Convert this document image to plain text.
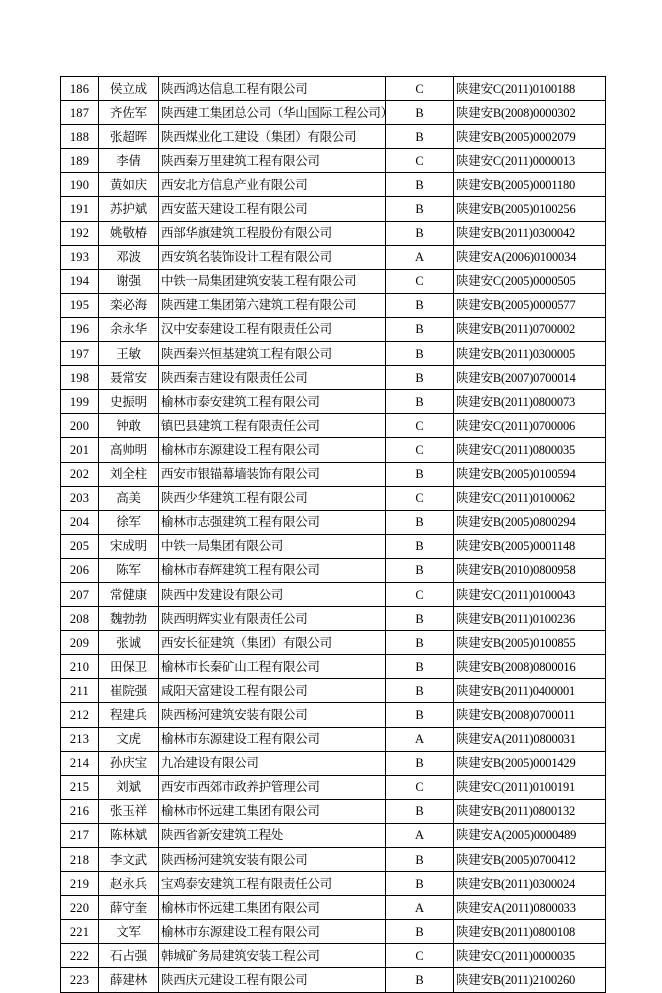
186	侯立成	陕西鸿达信息工程有限公司	C	陕建安C(2011)0100188
187	齐佐军	陕西建工集团总公司（华山国际工程公司）	B	陕建安B(2008)0000302
188	张超晖	陕西煤业化工建设（集团）有限公司	B	陕建安B(2005)0002079
189	李倩	陕西秦万里建筑工程有限公司	C	陕建安C(2011)0000013
190	黄如庆	西安北方信息产业有限公司	B	陕建安B(2005)0001180
191	苏护斌	西安蓝天建设工程有限公司	B	陕建安B(2005)0100256
192	姚敬椿	西部华旗建筑工程股份有限公司	B	陕建安B(2011)0300042
193	邓波	西安筑名装饰设计工程有限公司	A	陕建安A(2006)0100034
194	谢强	中铁一局集团建筑安装工程有限公司	C	陕建安C(2005)0000505
195	栾必海	陕西建工集团第六建筑工程有限公司	B	陕建安B(2005)0000577
196	余永华	汉中安泰建设工程有限责任公司	B	陕建安B(2011)0700002
197	王敏	陕西秦兴恒基建筑工程有限公司	B	陕建安B(2011)0300005
198	聂常安	陕西秦吉建设有限责任公司	B	陕建安B(2007)0700014
199	史振明	榆林市泰安建筑工程有限公司	B	陕建安B(2011)0800073
200	钟敢	镇巴县建筑工程有限责任公司	C	陕建安C(2011)0700006
201	高帅明	榆林市东源建设工程有限公司	C	陕建安C(2011)0800035
202	刘全柱	西安市银锚幕墙装饰有限公司	B	陕建安B(2005)0100594
203	高美	陕西少华建筑工程有限公司	C	陕建安C(2011)0100062
204	徐军	榆林市志强建筑工程有限公司	B	陕建安B(2005)0800294
205	宋成明	中铁一局集团有限公司	B	陕建安B(2005)0001148
206	陈军	榆林市春辉建筑工程有限公司	B	陕建安B(2010)0800958
207	常健康	陕西中发建设有限公司	C	陕建安C(2011)0100043
208	魏勃勃	陕西明辉实业有限责任公司	B	陕建安B(2011)0100236
209	张诚	西安长征建筑（集团）有限公司	B	陕建安B(2005)0100855
210	田保卫	榆林市长秦矿山工程有限公司	B	陕建安B(2008)0800016
211	崔院强	咸阳天富建设工程有限公司	B	陕建安B(2011)0400001
212	程建兵	陕西杨河建筑安装有限公司	B	陕建安B(2008)0700011
213	文虎	榆林市东源建设工程有限公司	A	陕建安A(2011)0800031
214	孙庆宝	九冶建设有限公司	B	陕建安B(2005)0001429
215	刘斌	西安市西郊市政养护管理公司	C	陕建安C(2011)0100191
216	张玉祥	榆林市怀远建工集团有限公司	B	陕建安B(2011)0800132
217	陈林斌	陕西省新安建筑工程处	A	陕建安A(2005)0000489
218	李文武	陕西杨河建筑安装有限公司	B	陕建安B(2005)0700412
219	赵永兵	宝鸡泰安建筑工程有限责任公司	B	陕建安B(2011)0300024
220	薛守奎	榆林市怀远建工集团有限公司	A	陕建安A(2011)0800033
221	文军	榆林市东源建设工程有限公司	B	陕建安B(2011)0800108
222	石占强	韩城矿务局建筑安装工程公司	C	陕建安C(2011)0000035
223	薛建林	陕西庆元建设工程有限公司	B	陕建安B(2011)2100260
